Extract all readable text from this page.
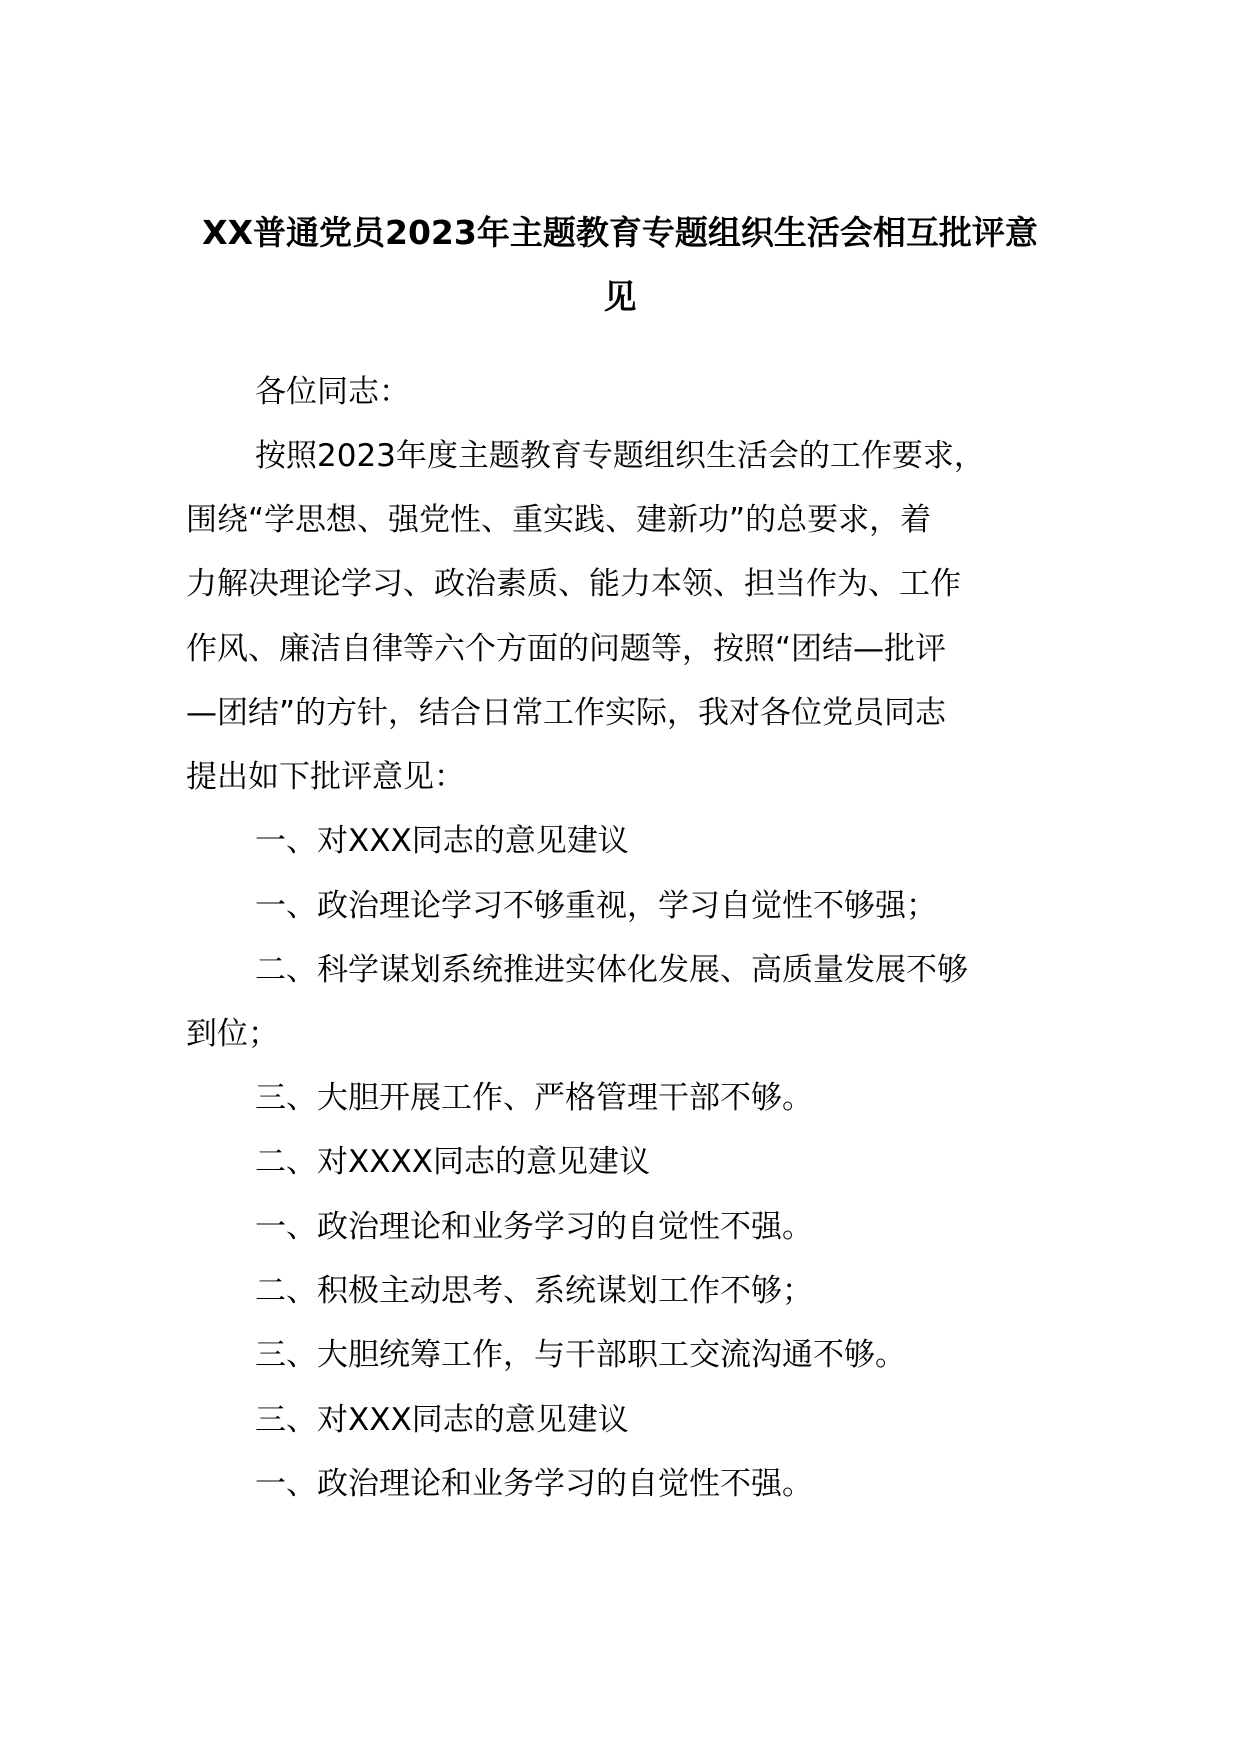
XX普通党员2023年主题教育专题组织生活会相互批评意
见

各位同志：

按照2023年度主题教育专题组织生活会的工作要求，

围绕“学思想、强党性、重实践、建新功”的总要求，着

力解决理论学习、政治素质、能力本领、担当作为、工作

作风、廉洁自律等六个方面的问题等，按照“团结—批评

—团结”的方针，结合日常工作实际，我对各位党员同志

提出如下批评意见：

一、对XXX同志的意见建议

一、政治理论学习不够重视，学习自觉性不够强；

二、科学谋划系统推进实体化发展、高质量发展不够

到位；

三、大胆开展工作、严格管理干部不够。

二、对XXXX同志的意见建议

一、政治理论和业务学习的自觉性不强。

二、积极主动思考、系统谋划工作不够；

三、大胆统筹工作，与干部职工交流沟通不够。

三、对XXX同志的意见建议

一、政治理论和业务学习的自觉性不强。
